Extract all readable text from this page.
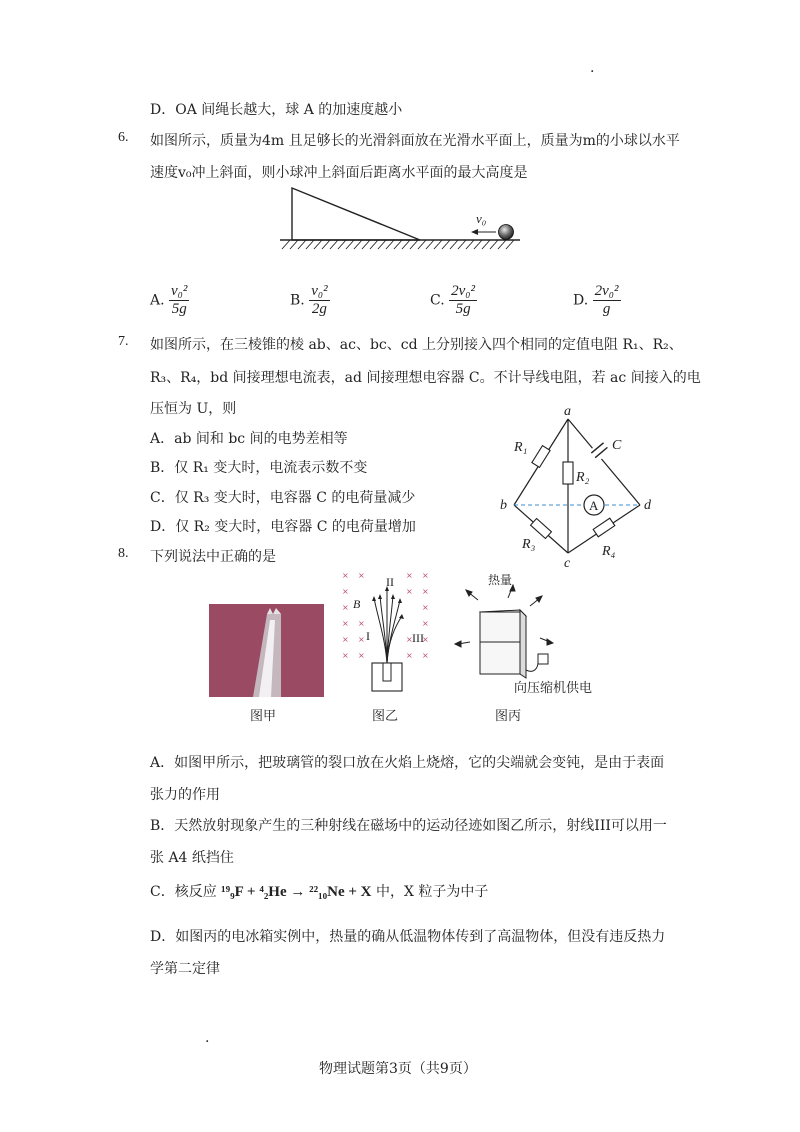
.
D．OA 间绳长越大，球 A 的加速度越小
6. 如图所示，质量为4m 且足够长的光滑斜面放在光滑水平面上，质量为m的小球以水平
速度v₀冲上斜面，则小球冲上斜面后距离水平面的最大高度是
v₀
A. $\frac{\text{v₀²}}{5g}$	B. $\frac{\text{v₀²}}{2g}$	C. $\frac{\text{2v₀²}}{5g}$	D. $\frac{\text{2v₀²}}{g}$
7. 如图所示，在三棱锥的棱 ab、ac、bc、cd 上分别接入四个相同的定值电阻 R₁、R₂、
R₃、R₄，bd 间接理想电流表，ad 间接理想电容器 C。不计导线电阻，若 ac 间接入的电
压恒为 U，则
A．ab 间和 bc 间的电势差相等
B．仅 R₁ 变大时，电流表示数不变
C．仅 R₃ 变大时，电容器 C 的电荷量减少
D．仅 R₂ 变大时，电容器 C 的电荷量增加
A
a
b
c
d
C
R₁
R₂
R₃	R₄
8. 下列说法中正确的是
图甲
× ×	× ×
×	× ×
×	×
× ×	×
× ×	× ×
× ×	× ×
B
I
II
III
图乙
热量
向压缩机供电
图丙
A．如图甲所示，把玻璃管的裂口放在火焰上烧熔，它的尖端就会变钝，是由于表面
张力的作用
B．天然放射现象产生的三种射线在磁场中的运动径迹如图乙所示，射线III可以用一
张 A4 纸挡住
C．核反应 ¹⁹₉F + ⁴₂He → ²²₁₀Ne + X 中，X 粒子为中子
D．如图丙的电冰箱实例中，热量的确从低温物体传到了高温物体，但没有违反热力
学第二定律
.
物理试题第3页（共9页）
